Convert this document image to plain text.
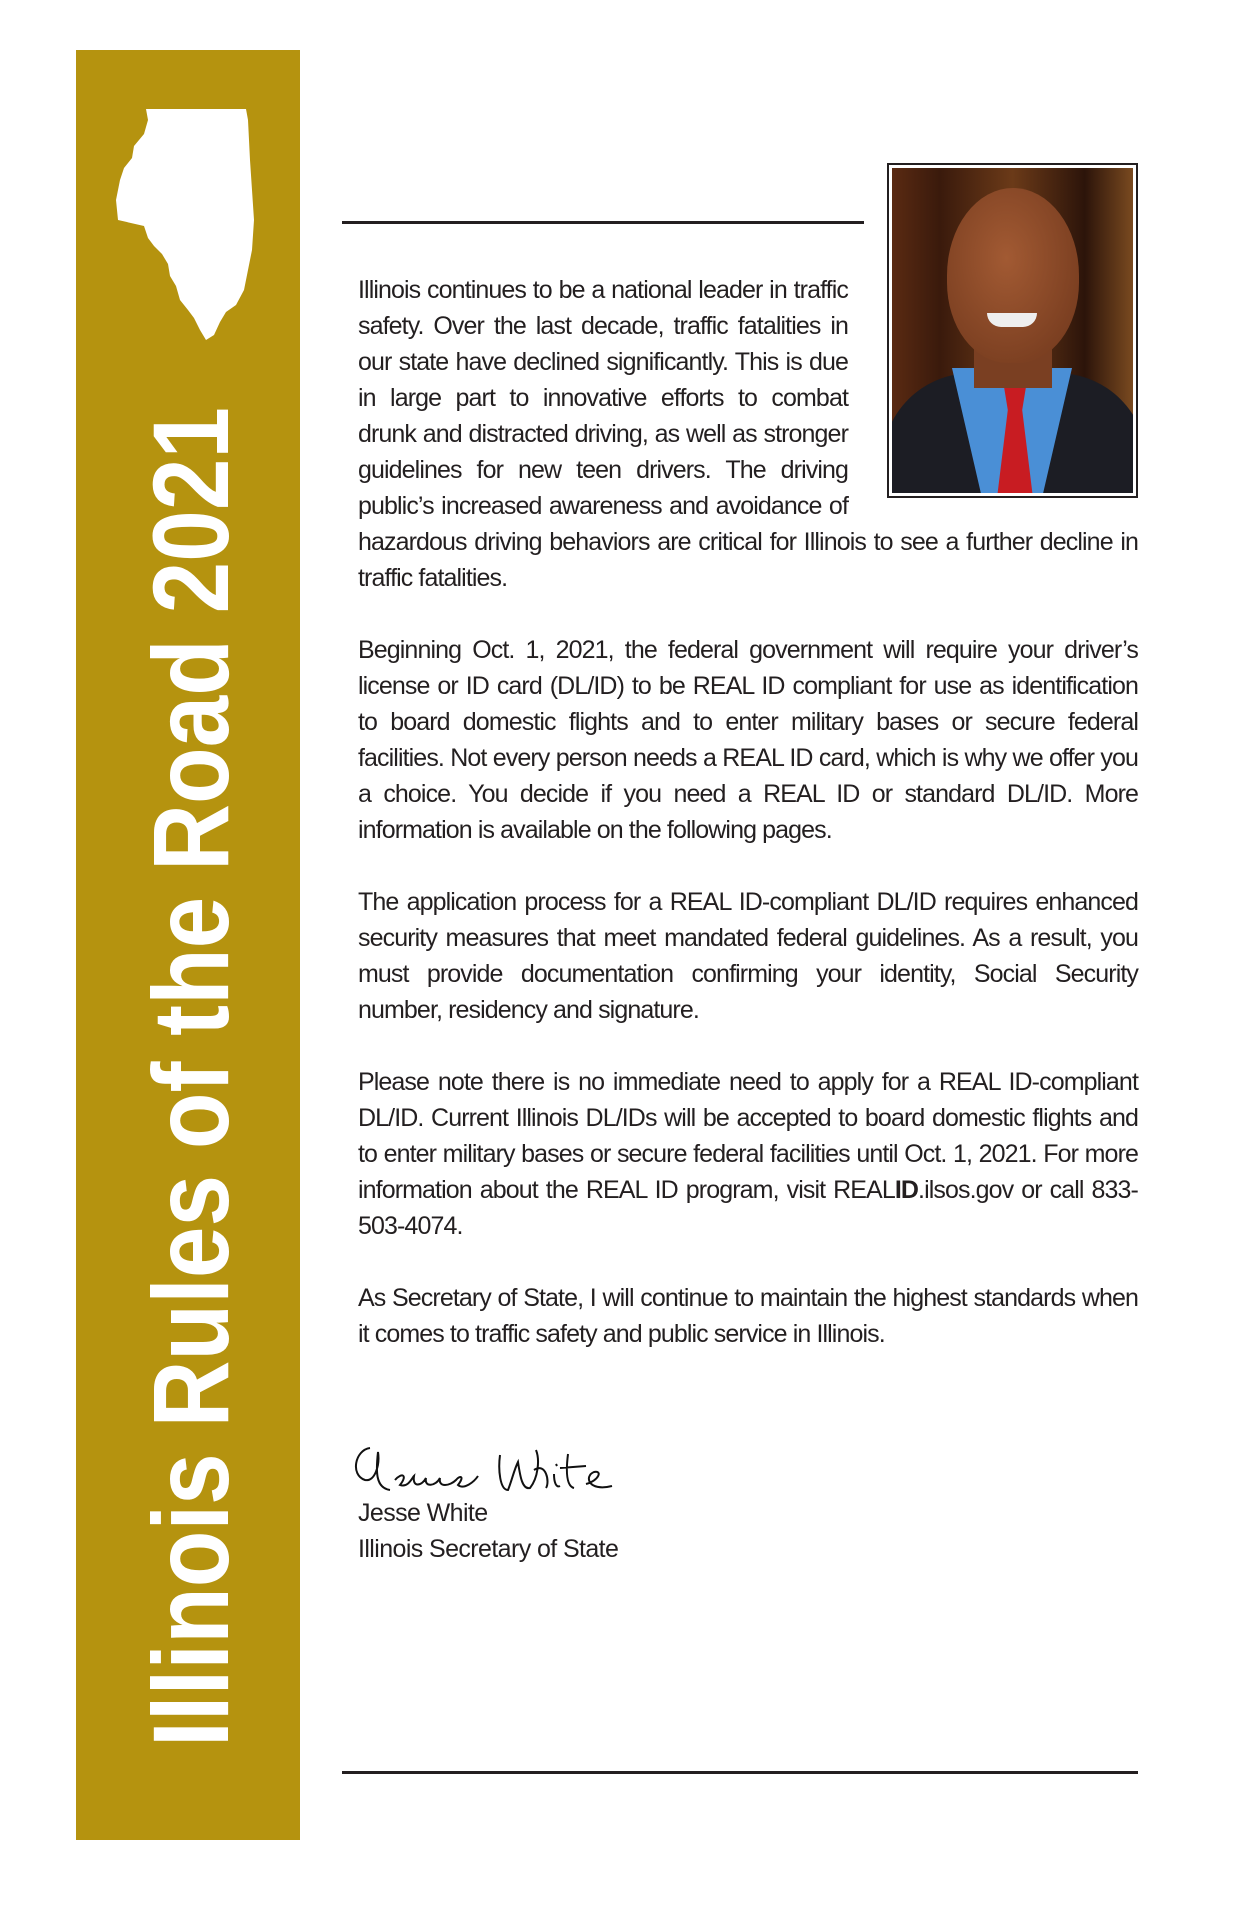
Illinois Rules of the Road 2021	Illinois continues to be a national leader in traffic safety. Over the last decade, traffic fatalities in our state have declined significantly. This is due in large part to innovative efforts to combat drunk and distracted driving, as well as stronger guidelines for new teen drivers. The driving public’s increased awareness and avoidance of hazardous driving behaviors are critical for Illinois to see a further decline in traffic fatalities.

Beginning Oct. 1, 2021, the federal government will require your driver’s license or ID card (DL/ID) to be REAL ID compliant for use as identification to board domestic flights and to enter military bases or secure federal facilities. Not every person needs a REAL ID card, which is why we offer you a choice. You decide if you need a REAL ID or standard DL/ID. More information is available on the following pages.

The application process for a REAL ID-compliant DL/ID requires enhanced security measures that meet mandated federal guidelines. As a result, you must provide documentation confirming your identity, Social Security number, residency and signature.

Please note there is no immediate need to apply for a REAL ID-compliant DL/ID. Current Illinois DL/IDs will be accepted to board domestic flights and to enter military bases or secure federal facilities until Oct. 1, 2021. For more information about the REAL ID program, visit REALID.ilsos.gov or call 833-503-4074.

As Secretary of State, I will continue to maintain the highest standards when it comes to traffic safety and public service in Illinois.

Jesse White
Illinois Secretary of State
